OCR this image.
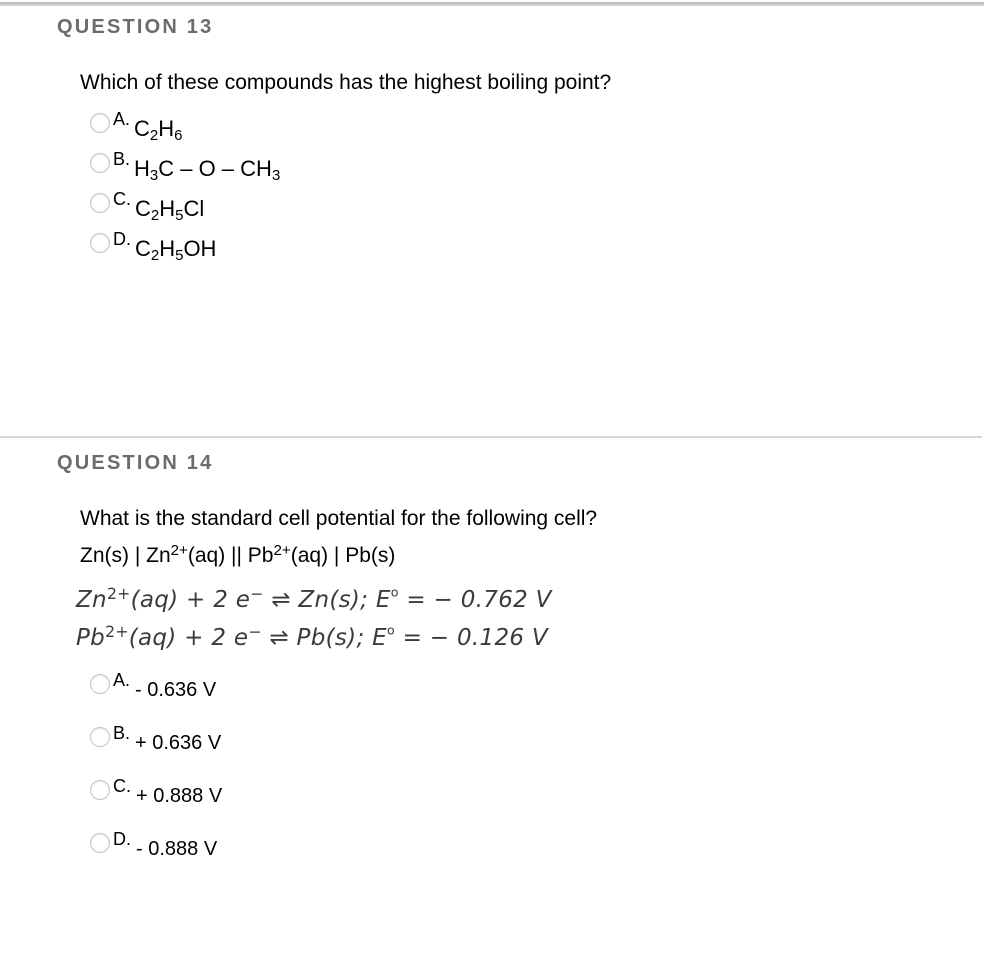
QUESTION 13
Which of these compounds has the highest boiling point?
A. $C_2H_6$
B. $H_3C$ – O – $CH_3$
C. $C_2H_5Cl$
D. $C_2H_5OH$
QUESTION 14
What is the standard cell potential for the following cell?
Zn(s) | $Zn^{2+}(aq)$ || $Pb^{2+}(aq)$ | Pb(s)
$Zn^{2+}(aq) + 2$ e− ⇌ Zn(s); $E^o$ = − 0.762 V
$Pb^{2+}(aq) + 2$ e− ⇌ Pb(s); $E^o$ = − 0.126 V
A. - 0.636 V
B. + 0.636 V
C. + 0.888 V
D. - 0.888 V
